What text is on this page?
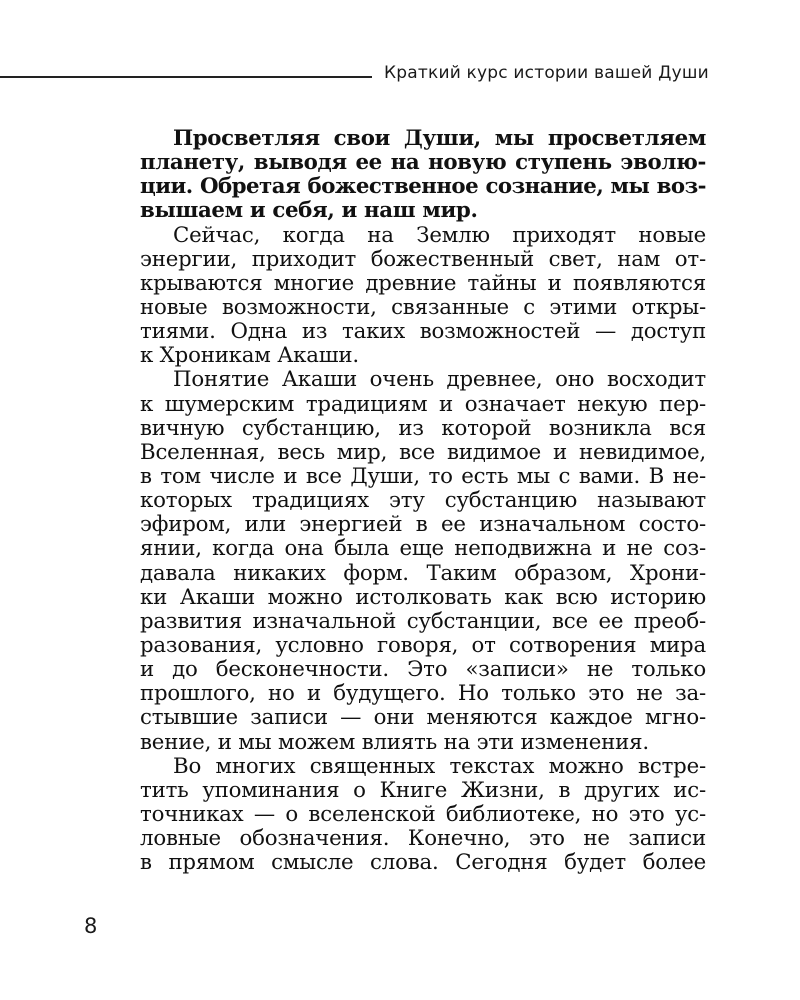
Краткий курс истории вашей Души
Просветляя свои Души, мы просветляем
планету, выводя ее на новую ступень эволю-
ции. Обретая божественное сознание, мы воз-
вышаем и себя, и наш мир.
Сейчас, когда на Землю приходят новые
энергии, приходит божественный свет, нам от-
крываются многие древние тайны и появляются
новые возможности, связанные с этими откры-
тиями. Одна из таких возможностей — доступ
к Хроникам Акаши.
Понятие Акаши очень древнее, оно восходит
к шумерским традициям и означает некую пер-
вичную субстанцию, из которой возникла вся
Вселенная, весь мир, все видимое и невидимое,
в том числе и все Души, то есть мы с вами. В не-
которых традициях эту субстанцию называют
эфиром, или энергией в ее изначальном состо-
янии, когда она была еще неподвижна и не соз-
давала никаких форм. Таким образом, Хрони-
ки Акаши можно истолковать как всю историю
развития изначальной субстанции, все ее преоб-
разования, условно говоря, от сотворения мира
и до бесконечности. Это «записи» не только
прошлого, но и будущего. Но только это не за-
стывшие записи — они меняются каждое мгно-
вение, и мы можем влиять на эти изменения.
Во многих священных текстах можно встре-
тить упоминания о Книге Жизни, в других ис-
точниках — о вселенской библиотеке, но это ус-
ловные обозначения. Конечно, это не записи
в прямом смысле слова. Сегодня будет более
8
